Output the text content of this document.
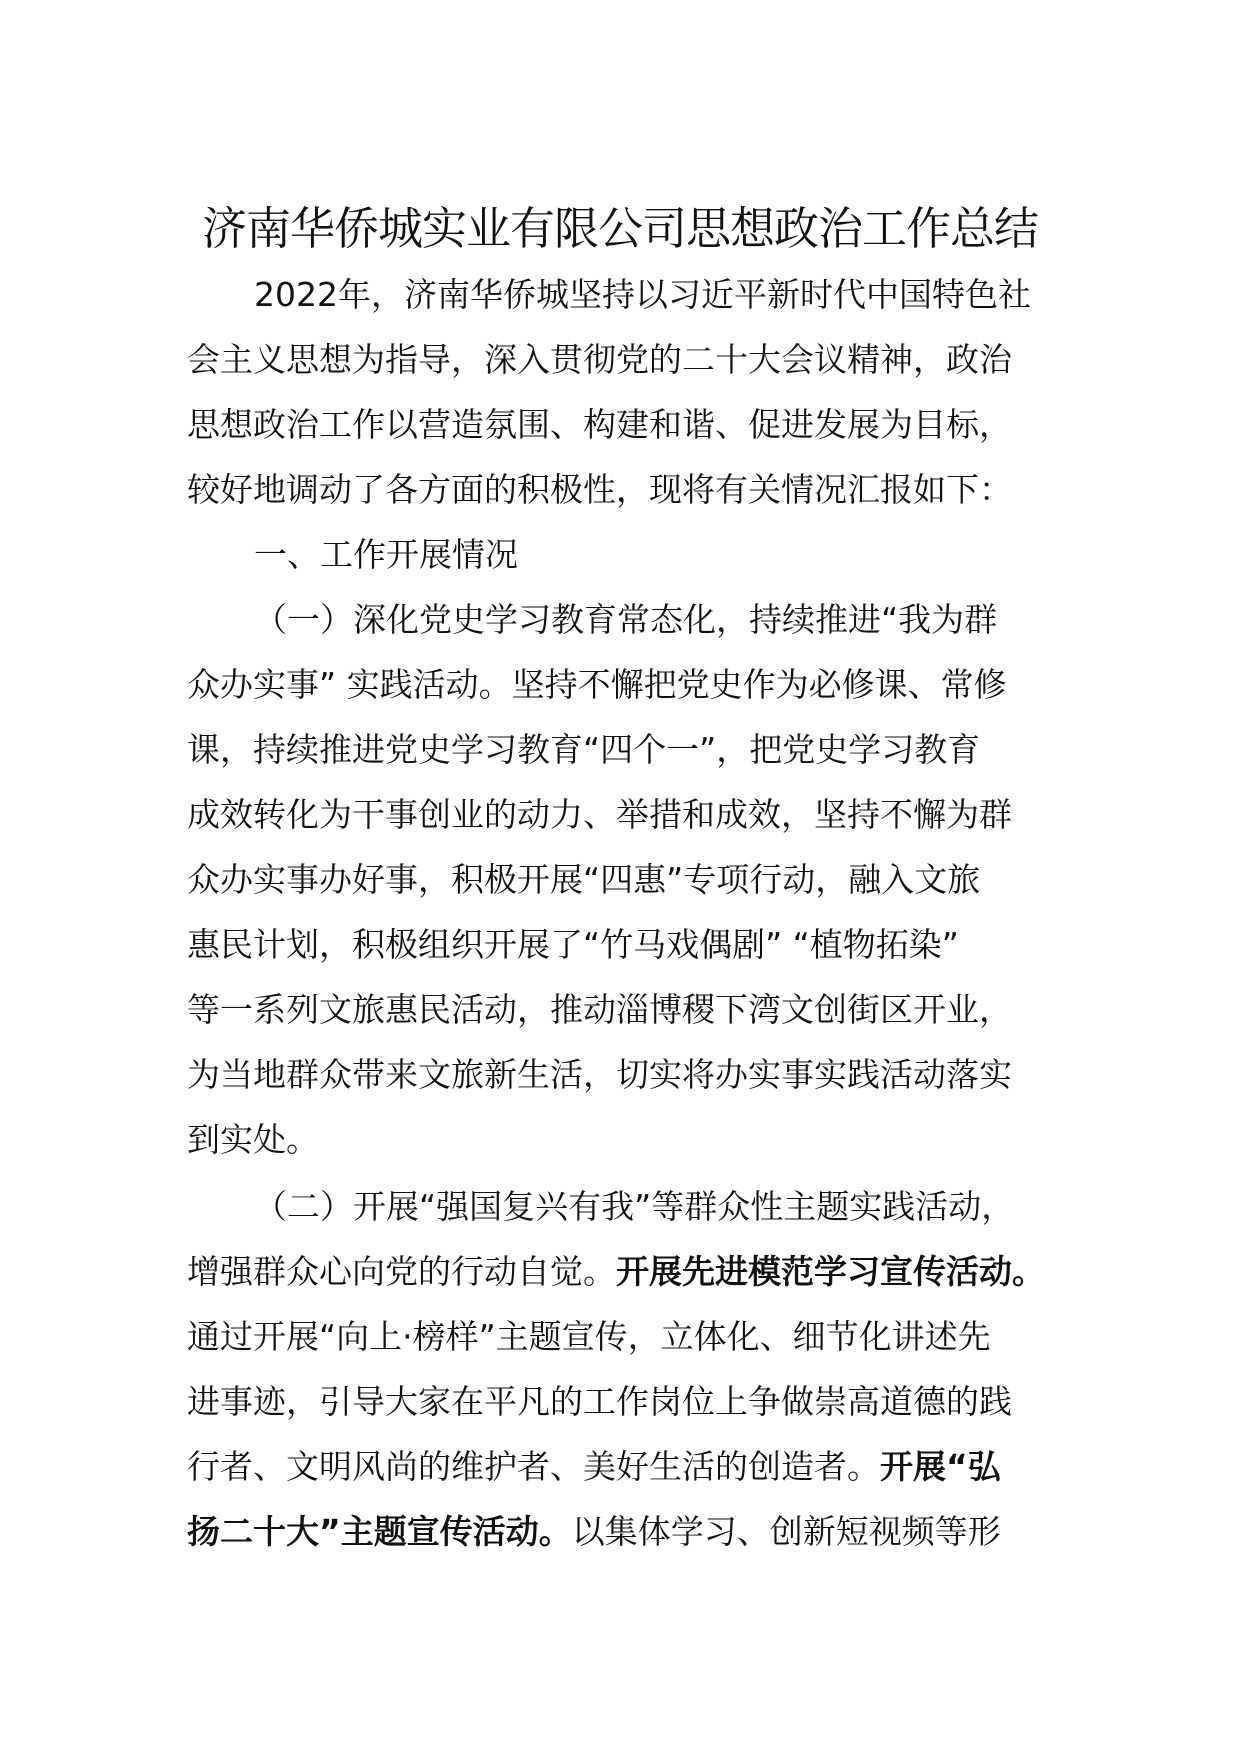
济南华侨城实业有限公司思想政治工作总结
2022年，济南华侨城坚持以习近平新时代中国特色社
会主义思想为指导，深入贯彻党的二十大会议精神，政治
思想政治工作以营造氛围、构建和谐、促进发展为目标，
较好地调动了各方面的积极性，现将有关情况汇报如下：
一、工作开展情况
（一）深化党史学习教育常态化，持续推进“我为群
众办实事” 实践活动。坚持不懈把党史作为必修课、常修
课，持续推进党史学习教育“四个一”，把党史学习教育
成效转化为干事创业的动力、举措和成效，坚持不懈为群
众办实事办好事，积极开展“四惠”专项行动，融入文旅
惠民计划，积极组织开展了“竹马戏偶剧” “植物拓染”
等一系列文旅惠民活动，推动淄博稷下湾文创街区开业，
为当地群众带来文旅新生活，切实将办实事实践活动落实
到实处。
（二）开展“强国复兴有我”等群众性主题实践活动，
增强群众心向党的行动自觉。开展先进模范学习宣传活动。
通过开展“向上·榜样”主题宣传，立体化、细节化讲述先
进事迹，引导大家在平凡的工作岗位上争做崇高道德的践
行者、文明风尚的维护者、美好生活的创造者。开展“弘
扬二十大”主题宣传活动。以集体学习、创新短视频等形
